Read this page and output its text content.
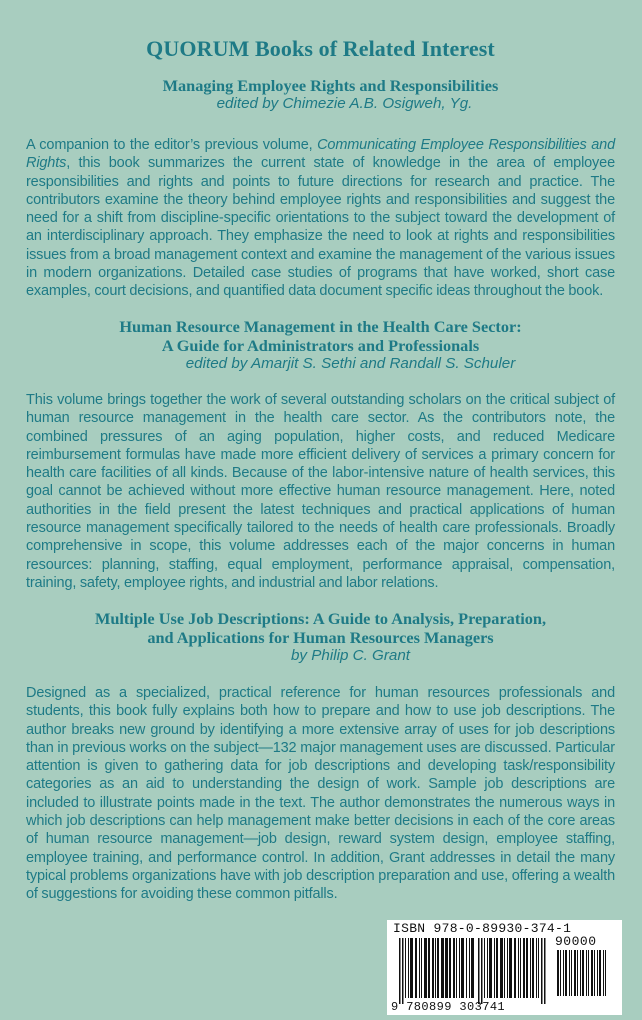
QUORUM Books of Related Interest
Managing Employee Rights and Responsibilities
edited by Chimezie A.B. Osigweh, Yg.

A companion to the editor’s previous volume, Communicating Employee Responsibilities and Rights, this book summarizes the current state of knowledge in the area of employee responsibilities and rights and points to future directions for research and practice. The contributors examine the theory behind employee rights and responsibilities and suggest the need for a shift from discipline-specific orientations to the subject toward the development of an interdisciplinary approach. They emphasize the need to look at rights and responsibilities issues from a broad management context and examine the management of the various issues in modern organizations. Detailed case studies of programs that have worked, short case examples, court decisions, and quantified data document specific ideas throughout the book.

Human Resource Management in the Health Care Sector:
A Guide for Administrators and Professionals
edited by Amarjit S. Sethi and Randall S. Schuler

This volume brings together the work of several outstanding scholars on the critical subject of human resource management in the health care sector. As the contributors note, the combined pressures of an aging population, higher costs, and reduced Medicare reimbursement formulas have made more efficient delivery of services a primary concern for health care facilities of all kinds. Because of the labor-intensive nature of health services, this goal cannot be achieved without more effective human resource management. Here, noted authorities in the field present the latest techniques and practical applications of human resource management specifically tailored to the needs of health care professionals. Broadly comprehensive in scope, this volume addresses each of the major concerns in human resources: planning, staffing, equal employment, performance appraisal, compensation, training, safety, employee rights, and industrial and labor relations.

Multiple Use Job Descriptions: A Guide to Analysis, Preparation,
and Applications for Human Resources Managers
by Philip C. Grant

Designed as a specialized, practical reference for human resources professionals and students, this book fully explains both how to prepare and how to use job descriptions. The author breaks new ground by identifying a more extensive array of uses for job descriptions than in previous works on the subject—132 major management uses are discussed. Particular attention is given to gathering data for job descriptions and developing task/responsibility categories as an aid to understanding the design of work. Sample job descriptions are included to illustrate points made in the text. The author demonstrates the numerous ways in which job descriptions can help management make better decisions in each of the core areas of human resource management—job design, reward system design, employee staffing, employee training, and performance control. In addition, Grant addresses in detail the many typical problems organizations have with job description preparation and use, offering a wealth of suggestions for avoiding these common pitfalls.

ISBN 978-0-89930-374-1
90000
9 780899 303741
